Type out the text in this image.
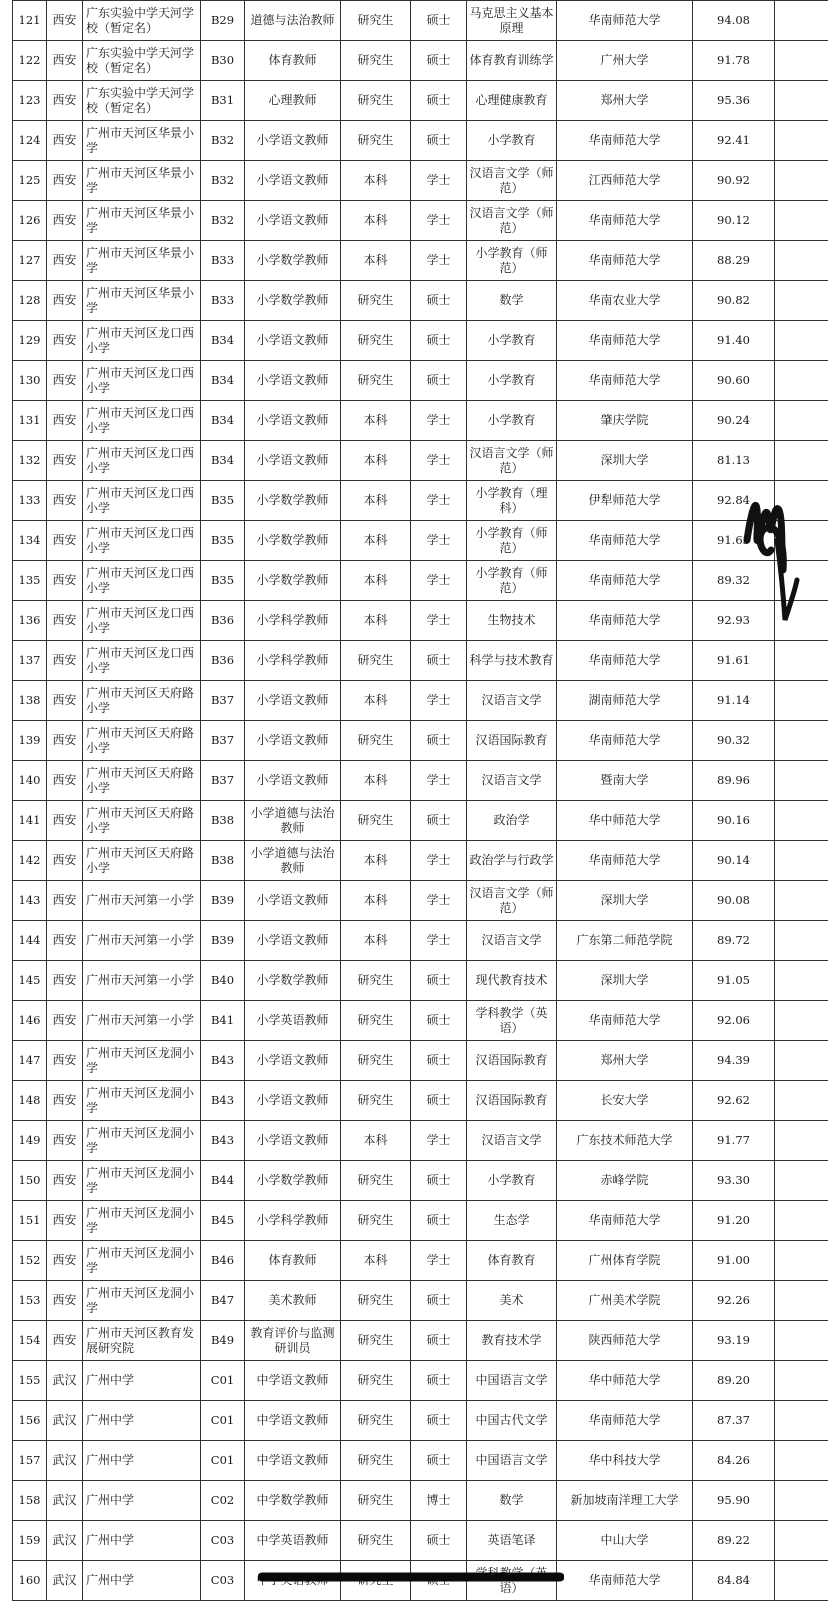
121	西安	广东实验中学天河学校（暂定名）	B29	道德与法治教师	研究生	硕士	马克思主义基本原理	华南师范大学	94.08	
122	西安	广东实验中学天河学校（暂定名）	B30	体育教师	研究生	硕士	体育教育训练学	广州大学	91.78	
123	西安	广东实验中学天河学校（暂定名）	B31	心理教师	研究生	硕士	心理健康教育	郑州大学	95.36	
124	西安	广州市天河区华景小学	B32	小学语文教师	研究生	硕士	小学教育	华南师范大学	92.41	
125	西安	广州市天河区华景小学	B32	小学语文教师	本科	学士	汉语言文学（师范）	江西师范大学	90.92	
126	西安	广州市天河区华景小学	B32	小学语文教师	本科	学士	汉语言文学（师范）	华南师范大学	90.12	
127	西安	广州市天河区华景小学	B33	小学数学教师	本科	学士	小学教育（师范）	华南师范大学	88.29	
128	西安	广州市天河区华景小学	B33	小学数学教师	研究生	硕士	数学	华南农业大学	90.82	
129	西安	广州市天河区龙口西小学	B34	小学语文教师	研究生	硕士	小学教育	华南师范大学	91.40	
130	西安	广州市天河区龙口西小学	B34	小学语文教师	研究生	硕士	小学教育	华南师范大学	90.60	
131	西安	广州市天河区龙口西小学	B34	小学语文教师	本科	学士	小学教育	肇庆学院	90.24	
132	西安	广州市天河区龙口西小学	B34	小学语文教师	本科	学士	汉语言文学（师范）	深圳大学	81.13	
133	西安	广州市天河区龙口西小学	B35	小学数学教师	本科	学士	小学教育（理科）	伊犁师范大学	92.84	
134	西安	广州市天河区龙口西小学	B35	小学数学教师	本科	学士	小学教育（师范）	华南师范大学	91.63	
135	西安	广州市天河区龙口西小学	B35	小学数学教师	本科	学士	小学教育（师范）	华南师范大学	89.32	
136	西安	广州市天河区龙口西小学	B36	小学科学教师	本科	学士	生物技术	华南师范大学	92.93	
137	西安	广州市天河区龙口西小学	B36	小学科学教师	研究生	硕士	科学与技术教育	华南师范大学	91.61	
138	西安	广州市天河区天府路小学	B37	小学语文教师	本科	学士	汉语言文学	湖南师范大学	91.14	
139	西安	广州市天河区天府路小学	B37	小学语文教师	研究生	硕士	汉语国际教育	华南师范大学	90.32	
140	西安	广州市天河区天府路小学	B37	小学语文教师	本科	学士	汉语言文学	暨南大学	89.96	
141	西安	广州市天河区天府路小学	B38	小学道德与法治教师	研究生	硕士	政治学	华中师范大学	90.16	
142	西安	广州市天河区天府路小学	B38	小学道德与法治教师	本科	学士	政治学与行政学	华南师范大学	90.14	
143	西安	广州市天河第一小学	B39	小学语文教师	本科	学士	汉语言文学（师范）	深圳大学	90.08	
144	西安	广州市天河第一小学	B39	小学语文教师	本科	学士	汉语言文学	广东第二师范学院	89.72	
145	西安	广州市天河第一小学	B40	小学数学教师	研究生	硕士	现代教育技术	深圳大学	91.05	
146	西安	广州市天河第一小学	B41	小学英语教师	研究生	硕士	学科教学（英语）	华南师范大学	92.06	
147	西安	广州市天河区龙洞小学	B43	小学语文教师	研究生	硕士	汉语国际教育	郑州大学	94.39	
148	西安	广州市天河区龙洞小学	B43	小学语文教师	研究生	硕士	汉语国际教育	长安大学	92.62	
149	西安	广州市天河区龙洞小学	B43	小学语文教师	本科	学士	汉语言文学	广东技术师范大学	91.77	
150	西安	广州市天河区龙洞小学	B44	小学数学教师	研究生	硕士	小学教育	赤峰学院	93.30	
151	西安	广州市天河区龙洞小学	B45	小学科学教师	研究生	硕士	生态学	华南师范大学	91.20	
152	西安	广州市天河区龙洞小学	B46	体育教师	本科	学士	体育教育	广州体育学院	91.00	
153	西安	广州市天河区龙洞小学	B47	美术教师	研究生	硕士	美术	广州美术学院	92.26	
154	西安	广州市天河区教育发展研究院	B49	教育评价与监测研训员	研究生	硕士	教育技术学	陕西师范大学	93.19	
155	武汉	广州中学	C01	中学语文教师	研究生	硕士	中国语言文学	华中师范大学	89.20	
156	武汉	广州中学	C01	中学语文教师	研究生	硕士	中国古代文学	华南师范大学	87.37	
157	武汉	广州中学	C01	中学语文教师	研究生	硕士	中国语言文学	华中科技大学	84.26	
158	武汉	广州中学	C02	中学数学教师	研究生	博士	数学	新加坡南洋理工大学	95.90	
159	武汉	广州中学	C03	中学英语教师	研究生	硕士	英语笔译	中山大学	89.22	
160	武汉	广州中学	C03	中学英语教师	研究生	硕士	学科教学（英语）	华南师范大学	84.84	
